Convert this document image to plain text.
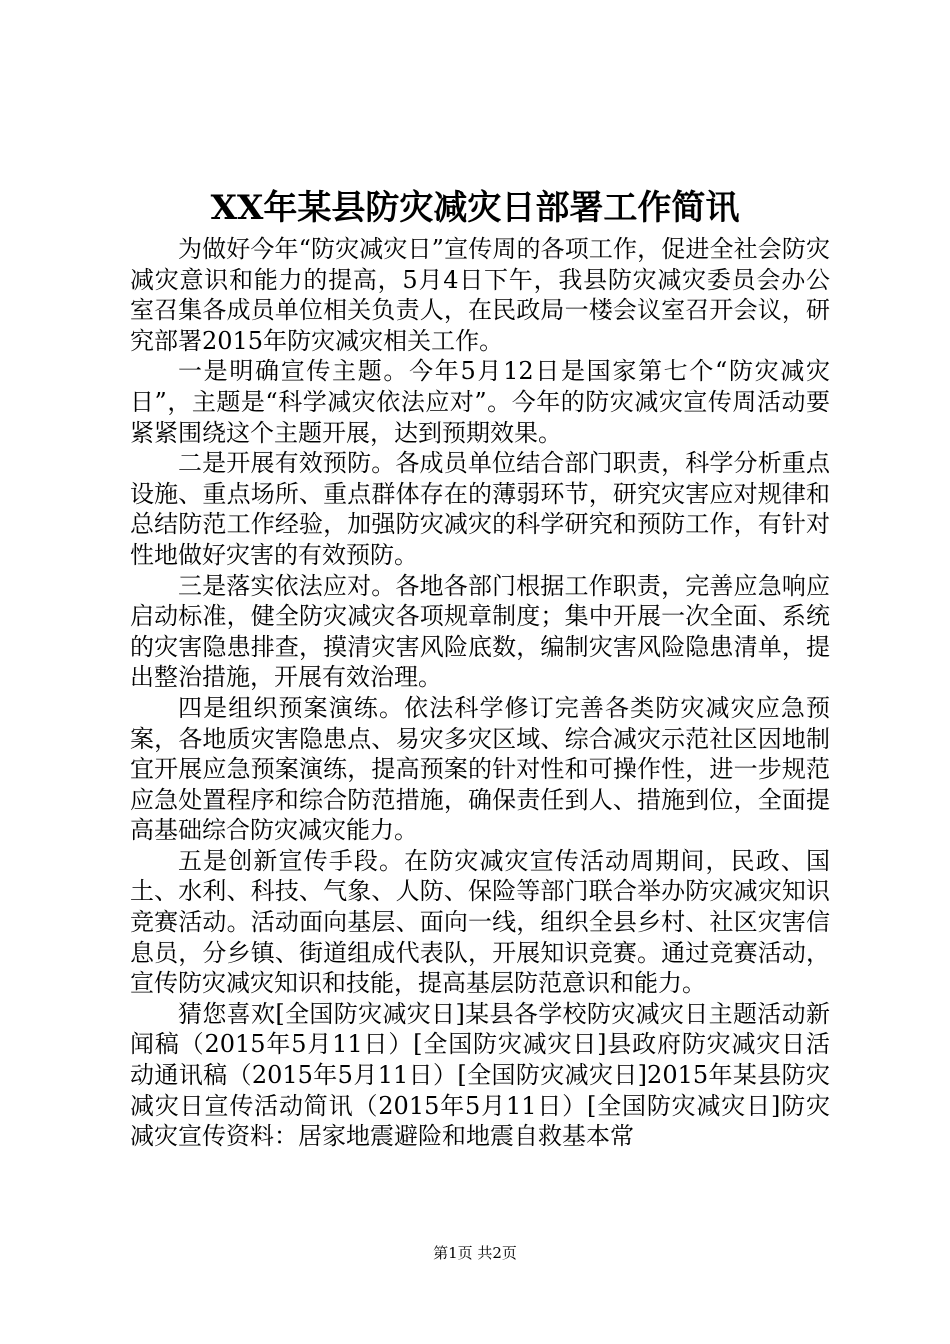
XX年某县防灾减灾日部署工作简讯

为做好今年“防灾减灾日”宣传周的各项工作，促进全社会防灾减灾意识和能力的提高，5月4日下午，我县防灾减灾委员会办公室召集各成员单位相关负责人，在民政局一楼会议室召开会议，研究部署2015年防灾减灾相关工作。

一是明确宣传主题。今年5月12日是国家第七个“防灾减灾日”，主题是“科学减灾依法应对”。今年的防灾减灾宣传周活动要紧紧围绕这个主题开展，达到预期效果。

二是开展有效预防。各成员单位结合部门职责，科学分析重点设施、重点场所、重点群体存在的薄弱环节，研究灾害应对规律和总结防范工作经验，加强防灾减灾的科学研究和预防工作，有针对性地做好灾害的有效预防。

三是落实依法应对。各地各部门根据工作职责，完善应急响应启动标准，健全防灾减灾各项规章制度；集中开展一次全面、系统的灾害隐患排查，摸清灾害风险底数，编制灾害风险隐患清单，提出整治措施，开展有效治理。

四是组织预案演练。依法科学修订完善各类防灾减灾应急预案，各地质灾害隐患点、易灾多灾区域、综合减灾示范社区因地制宜开展应急预案演练，提高预案的针对性和可操作性，进一步规范应急处置程序和综合防范措施，确保责任到人、措施到位，全面提高基础综合防灾减灾能力。

五是创新宣传手段。在防灾减灾宣传活动周期间，民政、国土、水利、科技、气象、人防、保险等部门联合举办防灾减灾知识竞赛活动。活动面向基层、面向一线，组织全县乡村、社区灾害信息员，分乡镇、街道组成代表队，开展知识竞赛。通过竞赛活动，宣传防灾减灾知识和技能，提高基层防范意识和能力。

猜您喜欢[全国防灾减灾日]某县各学校防灾减灾日主题活动新闻稿（2015年5月11日）[全国防灾减灾日]县政府防灾减灾日活动通讯稿（2015年5月11日）[全国防灾减灾日]2015年某县防灾减灾日宣传活动简讯（2015年5月11日）[全国防灾减灾日]防灾减灾宣传资料：居家地震避险和地震自救基本常

第1页 共2页
